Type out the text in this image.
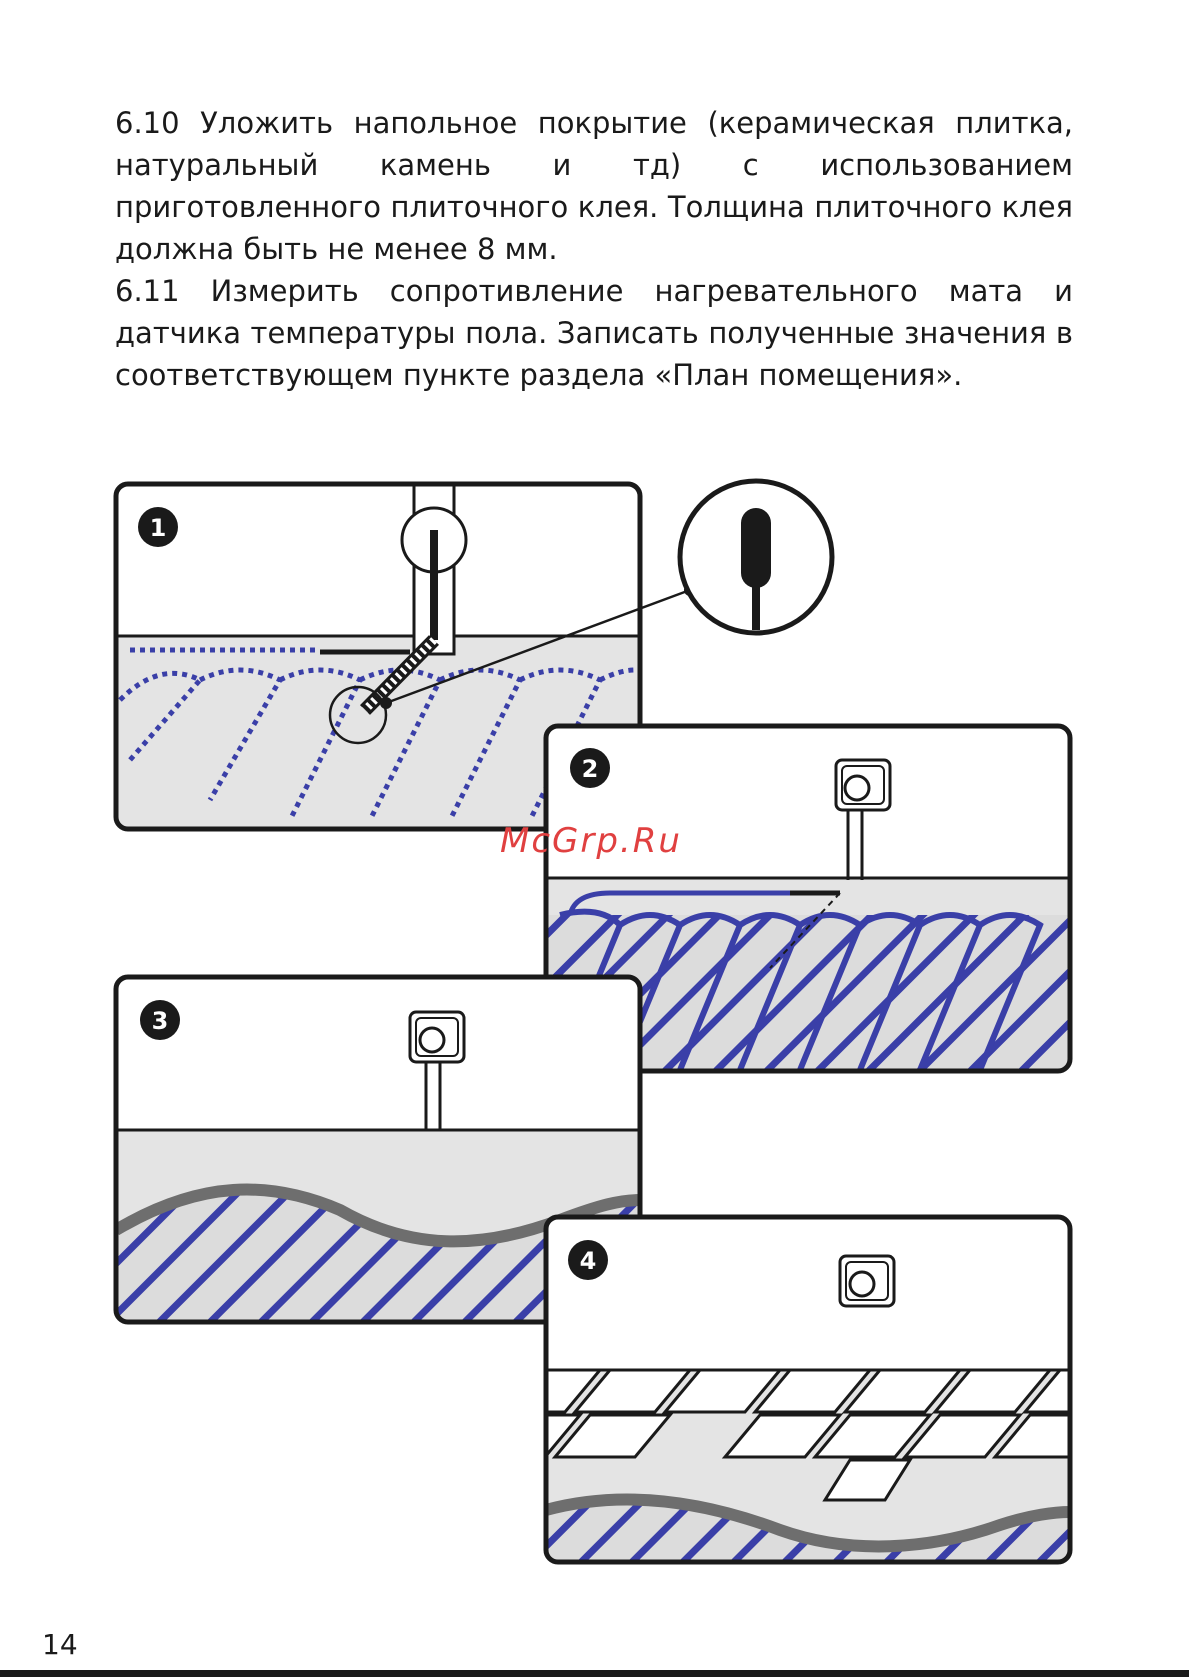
6.10 Уложить напольное покрытие (керамическая плитка, натуральный камень и тд) с использованием приготовленного плиточного клея. Толщина плиточного клея должна быть не менее 8 мм.

6.11 Измерить сопротивление нагревательного мата и датчика температуры пола. Записать полученные значения в соответствующем пункте раздела «План помещения».

1
2
3
4
McGrp.Ru
14
